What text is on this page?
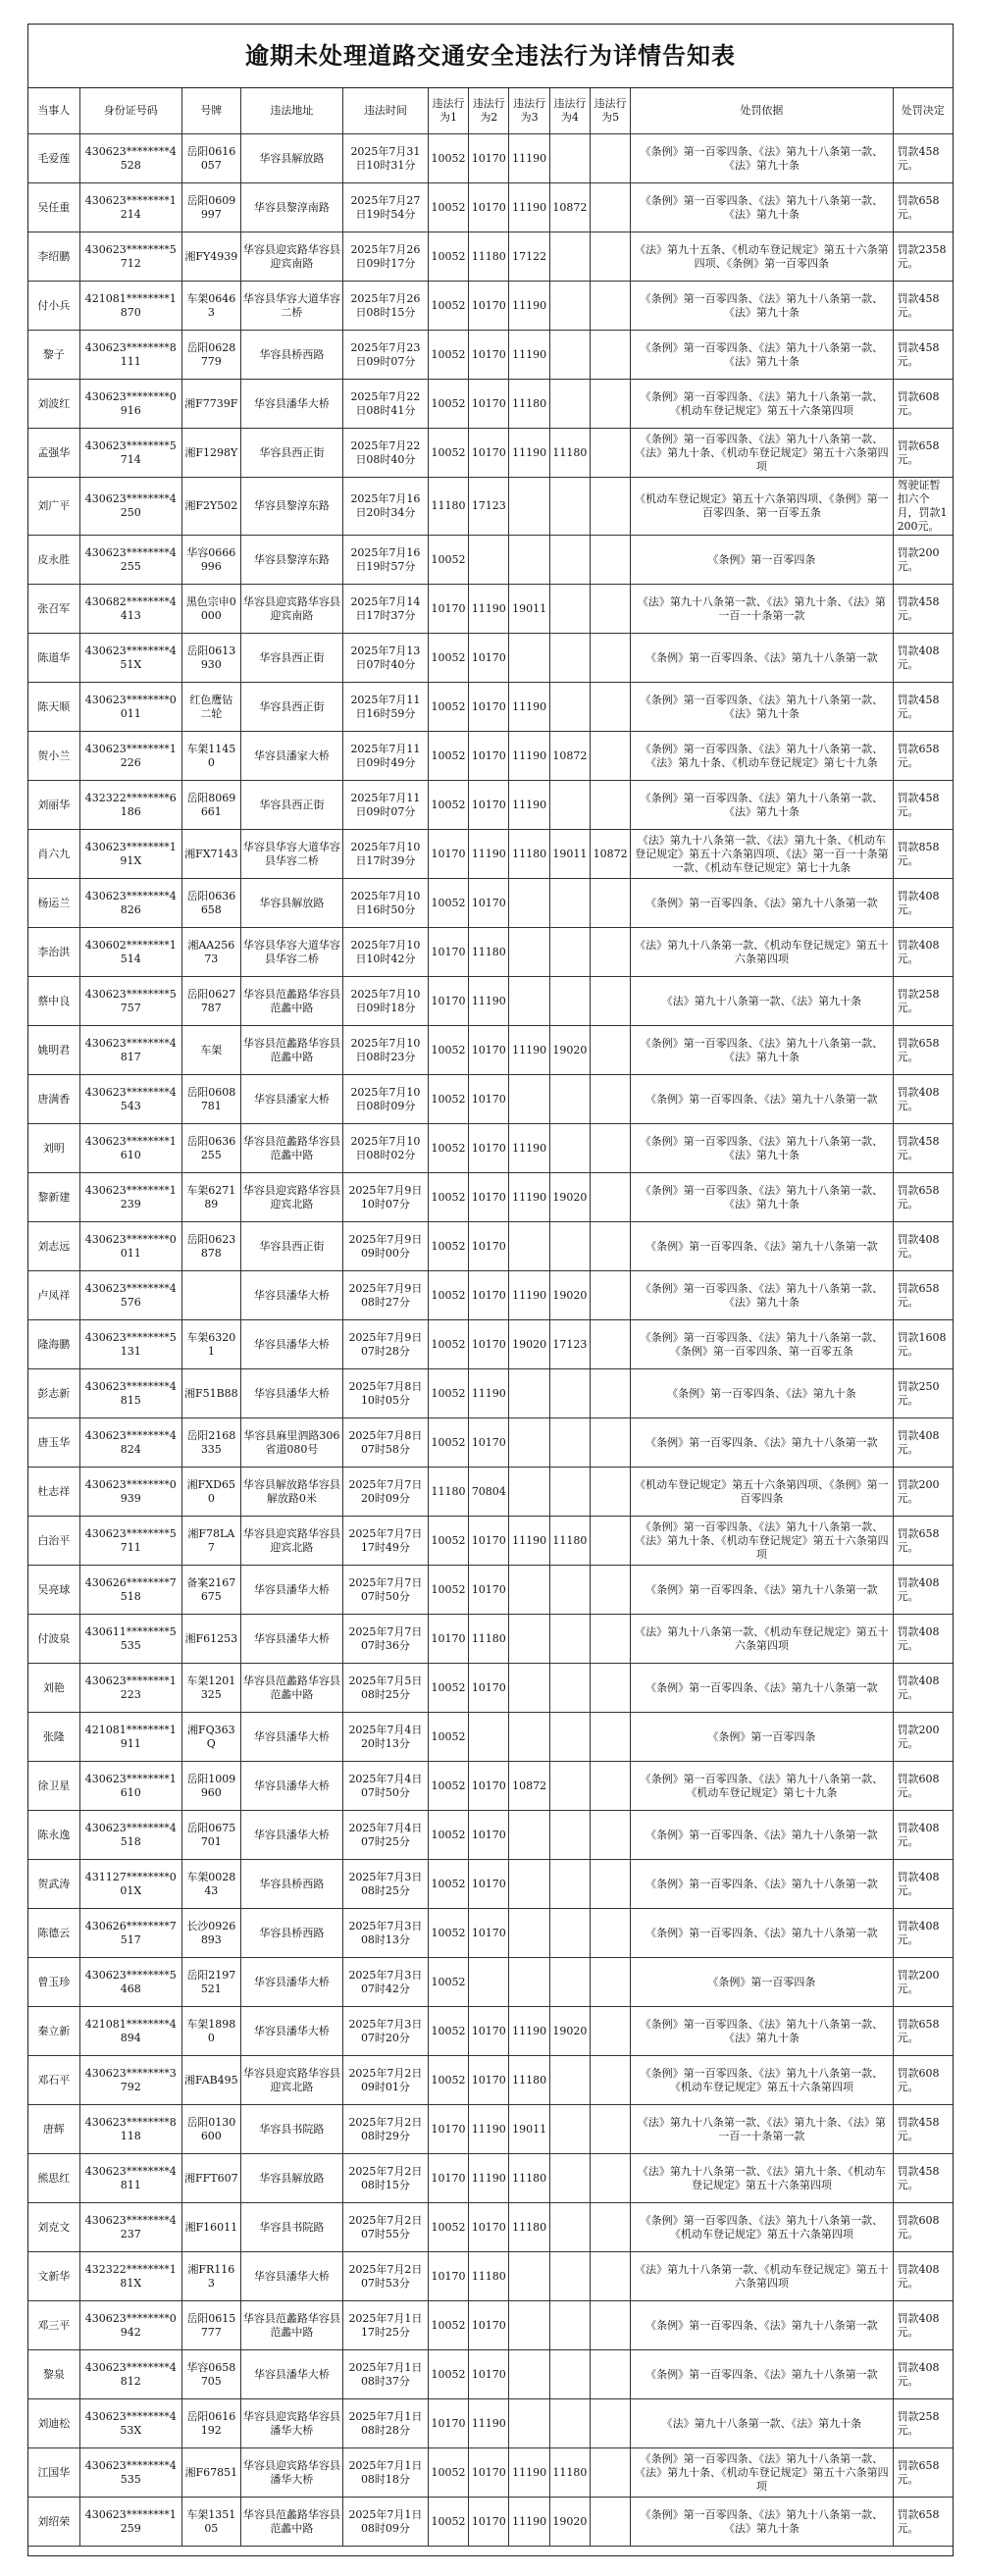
逾期未处理道路交通安全违法行为详情告知表
当事人	身份证号码	号牌	违法地址	违法时间	违法行为1	违法行为2	违法行为3	违法行为4	违法行为5	处罚依据	处罚决定
毛爱莲	430623********4528	岳阳0616057	华容县解放路	2025年7月31日10时31分	10052	10170	11190			《条例》第一百零四条、《法》第九十八条第一款、《法》第九十条	罚款458元。
吴任重	430623********1214	岳阳0609997	华容县黎淳南路	2025年7月27日19时54分	10052	10170	11190	10872		《条例》第一百零四条、《法》第九十八条第一款、《法》第九十条	罚款658元。
李绍鹏	430623********5712	湘FY4939	华容县迎宾路华容县迎宾南路	2025年7月26日09时17分	10052	11180	17122			《法》第九十五条、《机动车登记规定》第五十六条第四项、《条例》第一百零四条	罚款2358元。
付小兵	421081********1870	车架06463	华容县华容大道华容二桥	2025年7月26日08时15分	10052	10170	11190			《条例》第一百零四条、《法》第九十八条第一款、《法》第九十条	罚款458元。
黎子	430623********8111	岳阳0628779	华容县桥西路	2025年7月23日09时07分	10052	10170	11190			《条例》第一百零四条、《法》第九十八条第一款、《法》第九十条	罚款458元。
刘波红	430623********0916	湘F7739F	华容县潘华大桥	2025年7月22日08时41分	10052	10170	11180			《条例》第一百零四条、《法》第九十八条第一款、《机动车登记规定》第五十六条第四项	罚款608元。
孟强华	430623********5714	湘F1298Y	华容县西正街	2025年7月22日08时40分	10052	10170	11190	11180		《条例》第一百零四条、《法》第九十八条第一款、《法》第九十条、《机动车登记规定》第五十六条第四项	罚款658元。
刘广平	430623********4250	湘F2Y502	华容县黎淳东路	2025年7月16日20时34分	11180	17123				《机动车登记规定》第五十六条第四项、《条例》第一百零四条、第一百零五条	驾驶证暂扣六个月，罚款1200元。
皮永胜	430623********4255	华容0666996	华容县黎淳东路	2025年7月16日19时57分	10052					《条例》第一百零四条	罚款200元。
张召军	430682********4413	黑色宗申0000	华容县迎宾路华容县迎宾南路	2025年7月14日17时37分	10170	11190	19011			《法》第九十八条第一款、《法》第九十条、《法》第一百一十条第一款	罚款458元。
陈道华	430623********451X	岳阳0613930	华容县西正街	2025年7月13日07时40分	10052	10170				《条例》第一百零四条、《法》第九十八条第一款	罚款408元。
陈天顺	430623********0011	红色鹰钻二轮	华容县西正街	2025年7月11日16时59分	10052	10170	11190			《条例》第一百零四条、《法》第九十八条第一款、《法》第九十条	罚款458元。
贺小兰	430623********1226	车架11450	华容县潘家大桥	2025年7月11日09时49分	10052	10170	11190	10872		《条例》第一百零四条、《法》第九十八条第一款、《法》第九十条、《机动车登记规定》第七十九条	罚款658元。
刘丽华	432322********6186	岳阳8069661	华容县西正街	2025年7月11日09时07分	10052	10170	11190			《条例》第一百零四条、《法》第九十八条第一款、《法》第九十条	罚款458元。
肖六九	430623********191X	湘FX7143	华容县华容大道华容县华容二桥	2025年7月10日17时39分	10170	11190	11180	19011	10872	《法》第九十八条第一款、《法》第九十条、《机动车登记规定》第五十六条第四项、《法》第一百一十条第一款、《机动车登记规定》第七十九条	罚款858元。
杨运兰	430623********4826	岳阳0636658	华容县解放路	2025年7月10日16时50分	10052	10170				《条例》第一百零四条、《法》第九十八条第一款	罚款408元。
李治洪	430602********1514	湘AA25673	华容县华容大道华容县华容二桥	2025年7月10日10时42分	10170	11180				《法》第九十八条第一款、《机动车登记规定》第五十六条第四项	罚款408元。
蔡中良	430623********5757	岳阳0627787	华容县范蠡路华容县范蠡中路	2025年7月10日09时18分	10170	11190				《法》第九十八条第一款、《法》第九十条	罚款258元。
姚明君	430623********4817	车架	华容县范蠡路华容县范蠡中路	2025年7月10日08时23分	10052	10170	11190	19020		《条例》第一百零四条、《法》第九十八条第一款、《法》第九十条	罚款658元。
唐满香	430623********4543	岳阳0608781	华容县潘家大桥	2025年7月10日08时09分	10052	10170				《条例》第一百零四条、《法》第九十八条第一款	罚款408元。
刘明	430623********1610	岳阳0636255	华容县范蠡路华容县范蠡中路	2025年7月10日08时02分	10052	10170	11190			《条例》第一百零四条、《法》第九十八条第一款、《法》第九十条	罚款458元。
黎新建	430623********1239	车架627189	华容县迎宾路华容县迎宾北路	2025年7月9日10时07分	10052	10170	11190	19020		《条例》第一百零四条、《法》第九十八条第一款、《法》第九十条	罚款658元。
刘志远	430623********0011	岳阳0623878	华容县西正街	2025年7月9日09时00分	10052	10170				《条例》第一百零四条、《法》第九十八条第一款	罚款408元。
卢凤祥	430623********4576		华容县潘华大桥	2025年7月9日08时27分	10052	10170	11190	19020		《条例》第一百零四条、《法》第九十八条第一款、《法》第九十条	罚款658元。
隆海鹏	430623********5131	车架63201	华容县潘华大桥	2025年7月9日07时28分	10052	10170	19020	17123		《条例》第一百零四条、《法》第九十八条第一款、《条例》第一百零四条、第一百零五条	罚款1608元。
彭志新	430623********4815	湘F51B88	华容县潘华大桥	2025年7月8日10时05分	10052	11190				《条例》第一百零四条、《法》第九十条	罚款250元。
唐玉华	430623********4824	岳阳2168335	华容县麻里泗路306省道080号	2025年7月8日07时58分	10052	10170				《条例》第一百零四条、《法》第九十八条第一款	罚款408元。
杜志祥	430623********0939	湘FXD650	华容县解放路华容县解放路0米	2025年7月7日20时09分	11180	70804				《机动车登记规定》第五十六条第四项、《条例》第一百零四条	罚款200元。
白治平	430623********5711	湘F78LA7	华容县迎宾路华容县迎宾北路	2025年7月7日17时49分	10052	10170	11190	11180		《条例》第一百零四条、《法》第九十八条第一款、《法》第九十条、《机动车登记规定》第五十六条第四项	罚款658元。
吴亮球	430626********7518	备案2167675	华容县潘华大桥	2025年7月7日07时50分	10052	10170				《条例》第一百零四条、《法》第九十八条第一款	罚款408元。
付波泉	430611********5535	湘F61253	华容县潘华大桥	2025年7月7日07时36分	10170	11180				《法》第九十八条第一款、《机动车登记规定》第五十六条第四项	罚款408元。
刘艳	430623********1223	车架1201325	华容县范蠡路华容县范蠡中路	2025年7月5日08时25分	10052	10170				《条例》第一百零四条、《法》第九十八条第一款	罚款408元。
张隆	421081********1911	湘FQ363Q	华容县潘华大桥	2025年7月4日20时13分	10052					《条例》第一百零四条	罚款200元。
徐卫星	430623********1610	岳阳1009960	华容县潘华大桥	2025年7月4日07时50分	10052	10170	10872			《条例》第一百零四条、《法》第九十八条第一款、《机动车登记规定》第七十九条	罚款608元。
陈永逸	430623********4518	岳阳0675701	华容县潘华大桥	2025年7月4日07时25分	10052	10170				《条例》第一百零四条、《法》第九十八条第一款	罚款408元。
贺武涛	431127********001X	车架002843	华容县桥西路	2025年7月3日08时25分	10052	10170				《条例》第一百零四条、《法》第九十八条第一款	罚款408元。
陈德云	430626********7517	长沙0926893	华容县桥西路	2025年7月3日08时13分	10052	10170				《条例》第一百零四条、《法》第九十八条第一款	罚款408元。
曾玉珍	430623********5468	岳阳2197521	华容县潘华大桥	2025年7月3日07时42分	10052					《条例》第一百零四条	罚款200元。
秦立新	421081********4894	车架18980	华容县潘华大桥	2025年7月3日07时20分	10052	10170	11190	19020		《条例》第一百零四条、《法》第九十八条第一款、《法》第九十条	罚款658元。
邓石平	430623********3792	湘FAB495	华容县迎宾路华容县迎宾北路	2025年7月2日09时01分	10052	10170	11180			《条例》第一百零四条、《法》第九十八条第一款、《机动车登记规定》第五十六条第四项	罚款608元。
唐辉	430623********8118	岳阳0130600	华容县书院路	2025年7月2日08时29分	10170	11190	19011			《法》第九十八条第一款、《法》第九十条、《法》第一百一十条第一款	罚款458元。
熊思红	430623********4811	湘FFT607	华容县解放路	2025年7月2日08时15分	10170	11190	11180			《法》第九十八条第一款、《法》第九十条、《机动车登记规定》第五十六条第四项	罚款458元。
刘克文	430623********4237	湘F16011	华容县书院路	2025年7月2日07时55分	10052	10170	11180			《条例》第一百零四条、《法》第九十八条第一款、《机动车登记规定》第五十六条第四项	罚款608元。
文新华	432322********181X	湘FR1163	华容县潘华大桥	2025年7月2日07时53分	10170	11180				《法》第九十八条第一款、《机动车登记规定》第五十六条第四项	罚款408元。
邓三平	430623********0942	岳阳0615777	华容县范蠡路华容县范蠡中路	2025年7月1日17时25分	10052	10170				《条例》第一百零四条、《法》第九十八条第一款	罚款408元。
黎泉	430623********4812	华容0658705	华容县潘华大桥	2025年7月1日08时37分	10052	10170				《条例》第一百零四条、《法》第九十八条第一款	罚款408元。
刘迪松	430623********453X	岳阳0616192	华容县迎宾路华容县潘华大桥	2025年7月1日08时28分	10170	11190				《法》第九十八条第一款、《法》第九十条	罚款258元。
江国华	430623********4535	湘F67851	华容县迎宾路华容县潘华大桥	2025年7月1日08时18分	10052	10170	11190	11180		《条例》第一百零四条、《法》第九十八条第一款、《法》第九十条、《机动车登记规定》第五十六条第四项	罚款658元。
刘绍荣	430623********1259	车架135105	华容县范蠡路华容县范蠡中路	2025年7月1日08时09分	10052	10170	11190	19020		《条例》第一百零四条、《法》第九十八条第一款、《法》第九十条	罚款658元。
